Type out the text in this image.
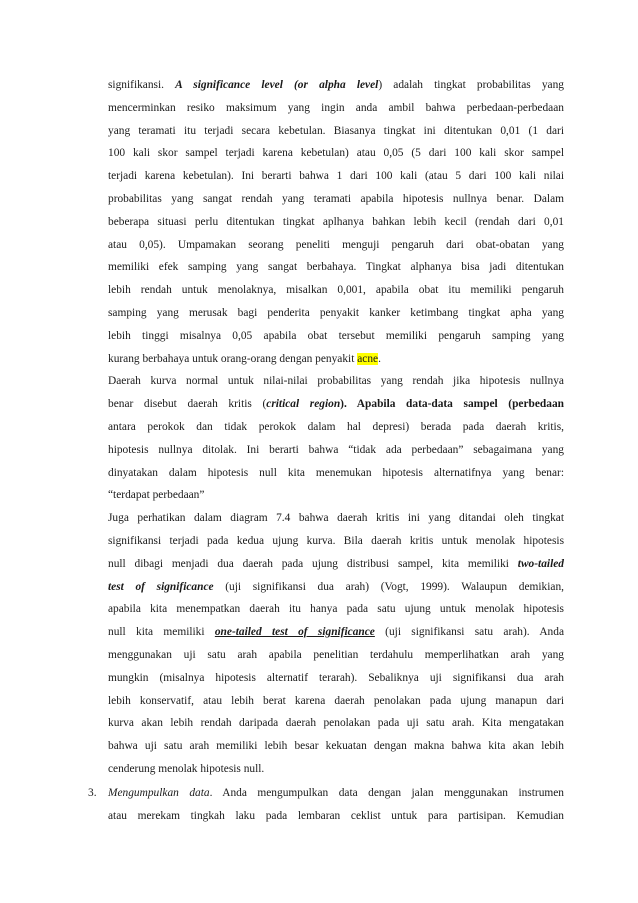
signifikansi. A significance level (or alpha level) adalah tingkat probabilitas yang
mencerminkan resiko maksimum yang ingin anda ambil bahwa perbedaan-perbedaan
yang teramati itu terjadi secara kebetulan. Biasanya tingkat ini ditentukan 0,01 (1 dari
100 kali skor sampel terjadi karena kebetulan) atau 0,05 (5 dari 100 kali skor sampel
terjadi karena kebetulan). Ini berarti bahwa 1 dari 100 kali (atau 5 dari 100 kali nilai
probabilitas yang sangat rendah yang teramati apabila hipotesis nullnya benar. Dalam
beberapa situasi perlu ditentukan tingkat aplhanya bahkan lebih kecil (rendah dari 0,01
atau 0,05). Umpamakan seorang peneliti menguji pengaruh dari obat-obatan yang
memiliki efek samping yang sangat berbahaya. Tingkat alphanya bisa jadi ditentukan
lebih rendah untuk menolaknya, misalkan 0,001, apabila obat itu memiliki pengaruh
samping yang merusak bagi penderita penyakit kanker ketimbang tingkat apha yang
lebih tinggi misalnya 0,05 apabila obat tersebut memiliki pengaruh samping yang
kurang berbahaya untuk orang-orang dengan penyakit acne.
Daerah kurva normal untuk nilai-nilai probabilitas yang rendah jika hipotesis nullnya
benar disebut daerah kritis (critical region). Apabila data-data sampel (perbedaan
antara perokok dan tidak perokok dalam hal depresi) berada pada daerah kritis,
hipotesis nullnya ditolak. Ini berarti bahwa “tidak ada perbedaan” sebagaimana yang
dinyatakan dalam hipotesis null kita menemukan hipotesis alternatifnya yang benar:
“terdapat perbedaan”
Juga perhatikan dalam diagram 7.4 bahwa daerah kritis ini yang ditandai oleh tingkat
signifikansi terjadi pada kedua ujung kurva. Bila daerah kritis untuk menolak hipotesis
null dibagi menjadi dua daerah pada ujung distribusi sampel, kita memiliki two-tailed
test of significance (uji signifikansi dua arah) (Vogt, 1999). Walaupun demikian,
apabila kita menempatkan daerah itu hanya pada satu ujung untuk menolak hipotesis
null kita memiliki one-tailed test of significance (uji signifikansi satu arah). Anda
menggunakan uji satu arah apabila penelitian terdahulu memperlihatkan arah yang
mungkin (misalnya hipotesis alternatif terarah). Sebaliknya uji signifikansi dua arah
lebih konservatif, atau lebih berat karena daerah penolakan pada ujung manapun dari
kurva akan lebih rendah daripada daerah penolakan pada uji satu arah. Kita mengatakan
bahwa uji satu arah memiliki lebih besar kekuatan dengan makna bahwa kita akan lebih
cenderung menolak hipotesis null.
3.	Mengumpulkan data. Anda mengumpulkan data dengan jalan menggunakan instrumen
atau merekam tingkah laku pada lembaran ceklist untuk para partisipan. Kemudian
